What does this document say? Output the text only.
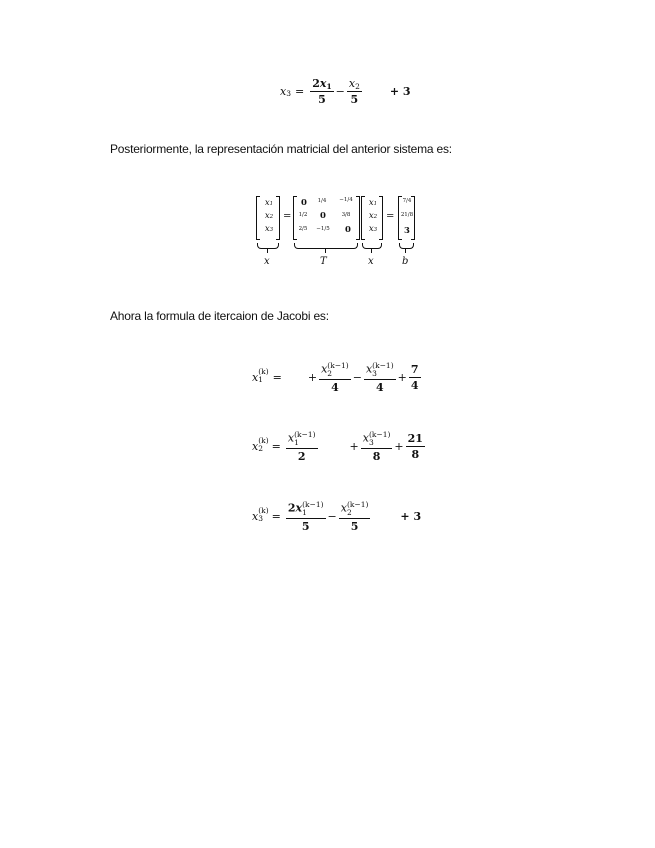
x $3 = \frac{2x1}{5} - \frac{x2}{5}$	+ 3
Posteriormente, la representación matricial del anterior sistema es:
x1
x2
x3
=
0	1/4	−1/4
1/2	0	3/8
2/5	−1/5	0
x1
x2
x3
=
7/4
21/8
3
x	T	x	b
Ahora la formula de itercaion de Jacobi es:
x (k)
1 = + x (k−1)
2
4 − x (k−1)
3
$4 + \frac{7}{4}$
x (k)
2 = x (k−1)
1
2	+ x (k−1)
3
$8 + \frac{21}{8}$
x (k)
3 = 2x (k−1)
1
5 − x (k−1)
2
5	+ 3
